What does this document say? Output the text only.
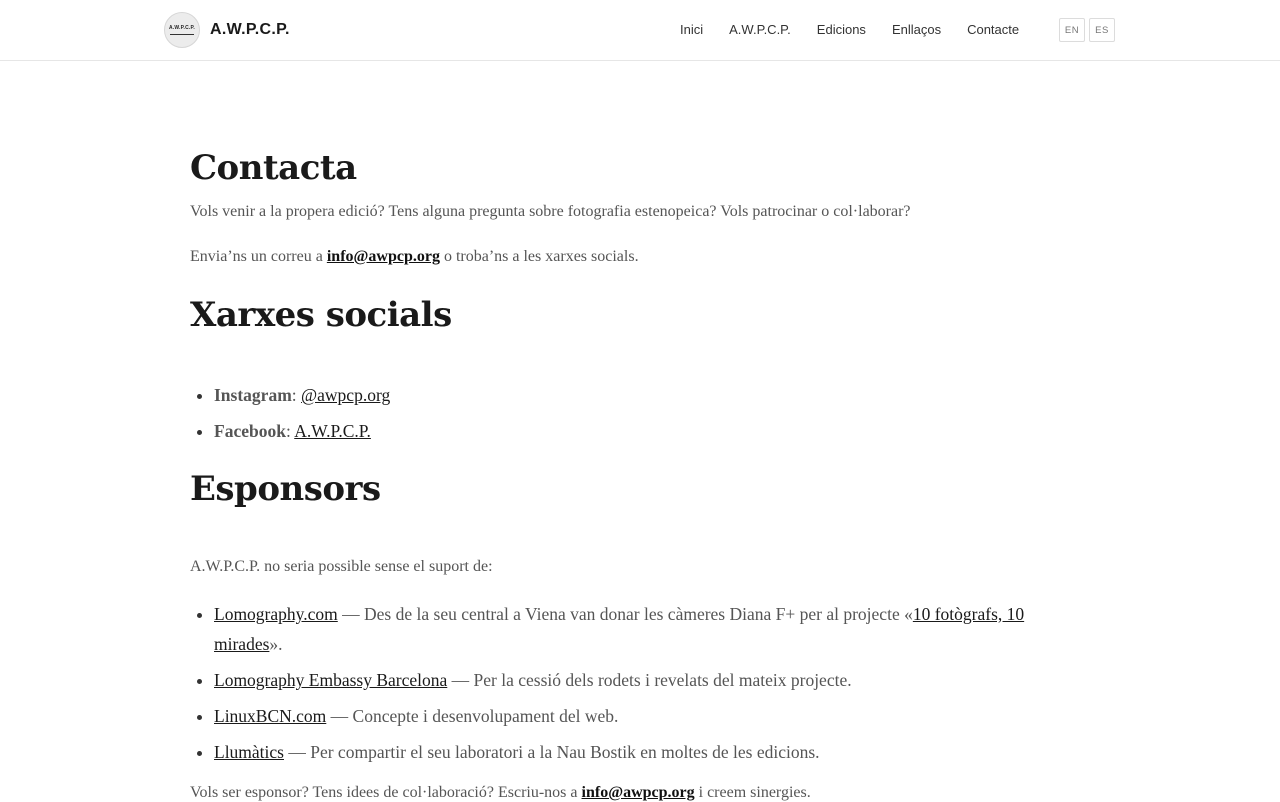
A.W.P.C.P. A.W.P.C.P.	Inici A.W.P.C.P. Edicions Enllaços Contacte	EN	ES
Contacta

Vols venir a la propera edició? Tens alguna pregunta sobre fotografia estenopeica? Vols patrocinar o col·laborar?

Envia’ns un correu a info@awpcp.org o troba’ns a les xarxes socials.

Xarxes socials
• Instagram: @awpcp.org
• Facebook: A.W.P.C.P.
Esponsors

A.W.P.C.P. no seria possible sense el suport de:

• Lomography.com — Des de la seu central a Viena van donar les càmeres Diana F+ per al projecte «10 fotògrafs, 10 mirades».
• Lomography Embassy Barcelona — Per la cessió dels rodets i revelats del mateix projecte.
• LinuxBCN.com — Concepte i desenvolupament del web.
• Llumàtics — Per compartir el seu laboratori a la Nau Bostik en moltes de les edicions.

Vols ser esponsor? Tens idees de col·laboració? Escriu-nos a info@awpcp.org i creem sinergies.
